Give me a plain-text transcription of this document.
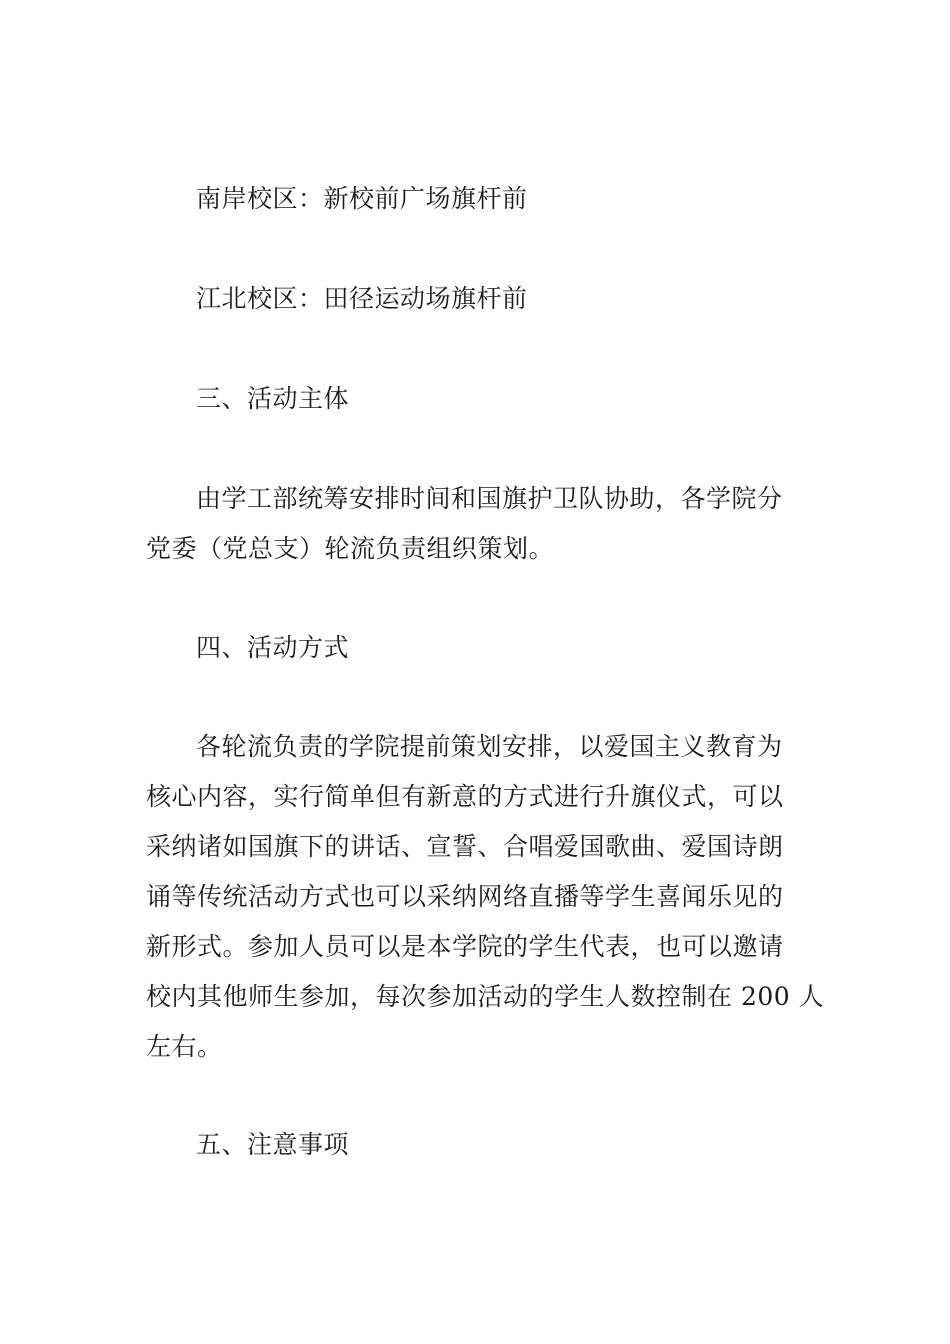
南岸校区：新校前广场旗杆前
江北校区：田径运动场旗杆前
三、活动主体
由学工部统筹安排时间和国旗护卫队协助，各学院分
党委（党总支）轮流负责组织策划。
四、活动方式
各轮流负责的学院提前策划安排，以爱国主义教育为
核心内容，实行简单但有新意的方式进行升旗仪式，可以
采纳诸如国旗下的讲话、宣誓、合唱爱国歌曲、爱国诗朗
诵等传统活动方式也可以采纳网络直播等学生喜闻乐见的
新形式。参加人员可以是本学院的学生代表，也可以邀请
校内其他师生参加，每次参加活动的学生人数控制在 200 人
左右。
五、注意事项
